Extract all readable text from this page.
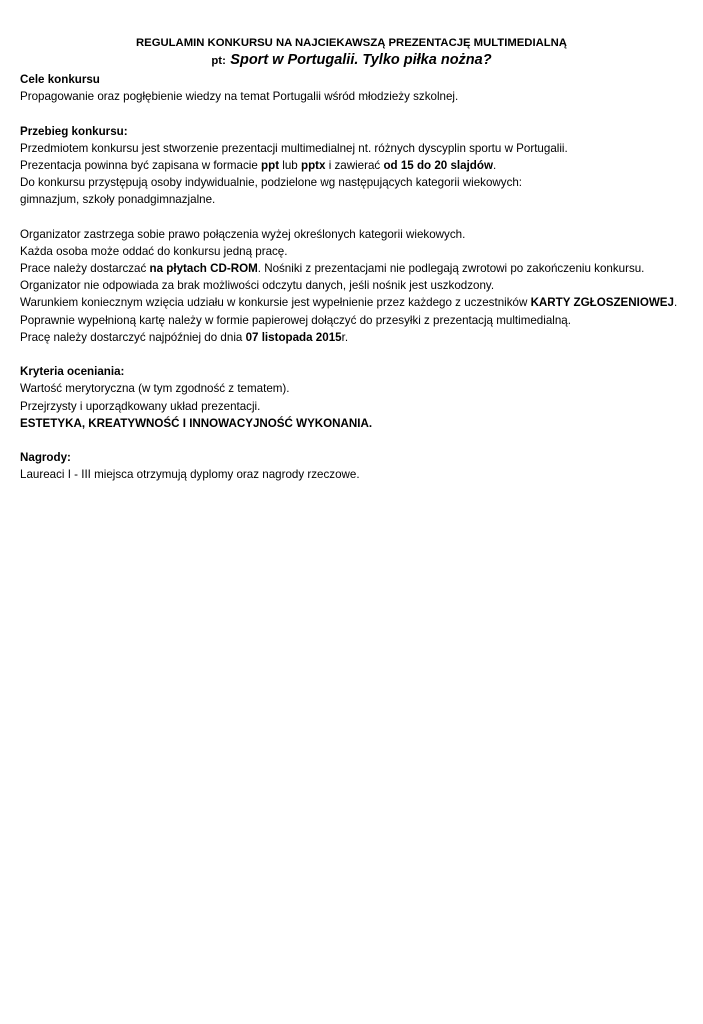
REGULAMIN KONKURSU NA NAJCIEKAWSZĄ PREZENTACJĘ MULTIMEDIALNĄ
pt: Sport w Portugalii. Tylko piłka nożna?
Cele konkursu
Propagowanie oraz pogłębienie wiedzy na temat Portugalii wśród młodzieży szkolnej.
Przebieg konkursu:
Przedmiotem konkursu jest stworzenie prezentacji multimedialnej nt. różnych dyscyplin sportu w Portugalii.
Prezentacja powinna być zapisana w formacie ppt lub pptx i zawierać od 15 do 20 slajdów.
Do konkursu przystępują osoby indywidualnie, podzielone wg następujących kategorii wiekowych:
gimnazjum, szkoły ponadgimnazjalne.
Organizator zastrzega sobie prawo połączenia wyżej określonych kategorii wiekowych.
Każda osoba może oddać do konkursu jedną pracę.
Prace należy dostarczać na płytach CD-ROM. Nośniki z prezentacjami nie podlegają zwrotowi po zakończeniu konkursu.
Organizator nie odpowiada za brak możliwości odczytu danych, jeśli nośnik jest uszkodzony.
Warunkiem koniecznym wzięcia udziału w konkursie jest wypełnienie przez każdego z uczestników KARTY ZGŁOSZENIOWEJ.
Poprawnie wypełnioną kartę należy w formie papierowej dołączyć do przesyłki z prezentacją multimedialną.
Pracę należy dostarczyć najpóźniej do dnia 07 listopada 2015r.
Kryteria oceniania:
Wartość merytoryczna (w tym zgodność z tematem).
Przejrzysty i uporządkowany układ prezentacji.
ESTETYKA, KREATYWNOŚĆ I INNOWACYJNOŚĆ WYKONANIA.
Nagrody:
Laureaci I - III miejsca otrzymują dyplomy oraz nagrody rzeczowe.
